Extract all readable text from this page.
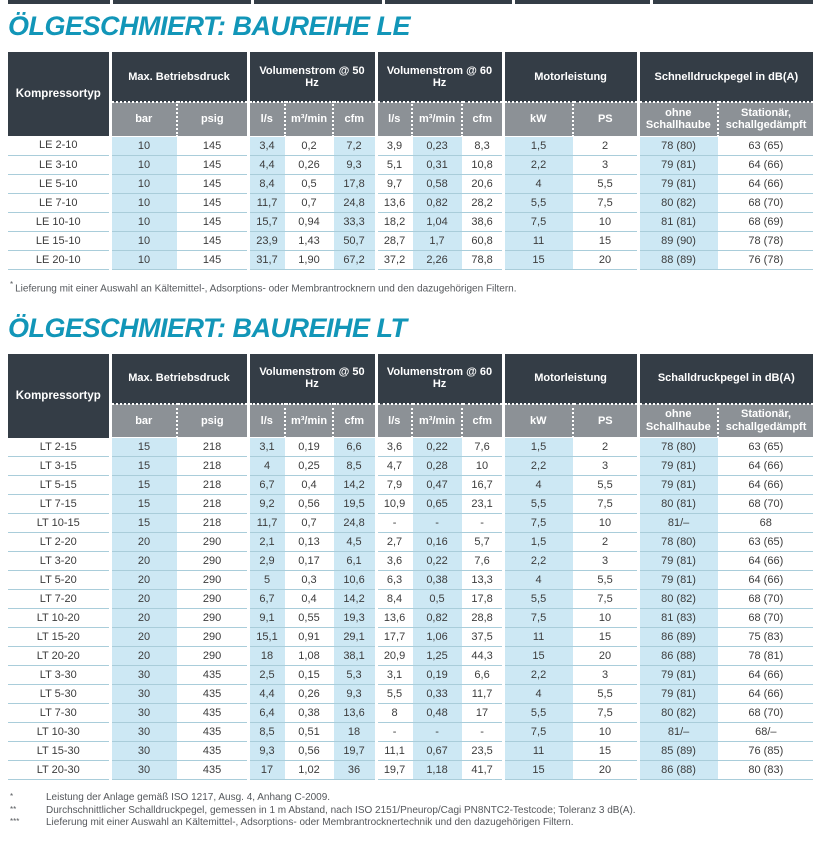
ÖLGESCHMIERT: BAUREIHE LE
Kompressortyp	Max. Betriebsdruck		Volumenstrom @ 50 Hz			Volumenstrom @ 60 Hz			Motorleistung		Schnelldruckpegel in dB(A)	
	bar	psig	l/s	m³/min	cfm	l/s	m³/min	cfm	kW	PS	ohne Schallhaube	Stationär, schallgedämpft
LE 2-10	10	145	3,4	0,2	7,2	3,9	0,23	8,3	1,5	2	78 (80)	63 (65)
LE 3-10	10	145	4,4	0,26	9,3	5,1	0,31	10,8	2,2	3	79 (81)	64 (66)
LE 5-10	10	145	8,4	0,5	17,8	9,7	0,58	20,6	4	5,5	79 (81)	64 (66)
LE 7-10	10	145	11,7	0,7	24,8	13,6	0,82	28,2	5,5	7,5	80 (82)	68 (70)
LE 10-10	10	145	15,7	0,94	33,3	18,2	1,04	38,6	7,5	10	81 (81)	68 (69)
LE 15-10	10	145	23,9	1,43	50,7	28,7	1,7	60,8	11	15	89 (90)	78 (78)
LE 20-10	10	145	31,7	1,90	67,2	37,2	2,26	78,8	15	20	88 (89)	76 (78)
* Lieferung mit einer Auswahl an Kältemittel-, Adsorptions- oder Membrantrocknern und den dazugehörigen Filtern.
ÖLGESCHMIERT: BAUREIHE LT
Kompressortyp	Max. Betriebsdruck		Volumenstrom @ 50 Hz			Volumenstrom @ 60 Hz			Motorleistung		Schalldruckpegel in dB(A)	
	bar	psig	l/s	m³/min	cfm	l/s	m³/min	cfm	kW	PS	ohne Schallhaube	Stationär, schallgedämpft
LT 2-15	15	218	3,1	0,19	6,6	3,6	0,22	7,6	1,5	2	78 (80)	63 (65)
LT 3-15	15	218	4	0,25	8,5	4,7	0,28	10	2,2	3	79 (81)	64 (66)
LT 5-15	15	218	6,7	0,4	14,2	7,9	0,47	16,7	4	5,5	79 (81)	64 (66)
LT 7-15	15	218	9,2	0,56	19,5	10,9	0,65	23,1	5,5	7,5	80 (81)	68 (70)
LT 10-15	15	218	11,7	0,7	24,8	-	-	-	7,5	10	81/–	68
LT 2-20	20	290	2,1	0,13	4,5	2,7	0,16	5,7	1,5	2	78 (80)	63 (65)
LT 3-20	20	290	2,9	0,17	6,1	3,6	0,22	7,6	2,2	3	79 (81)	64 (66)
LT 5-20	20	290	5	0,3	10,6	6,3	0,38	13,3	4	5,5	79 (81)	64 (66)
LT 7-20	20	290	6,7	0,4	14,2	8,4	0,5	17,8	5,5	7,5	80 (82)	68 (70)
LT 10-20	20	290	9,1	0,55	19,3	13,6	0,82	28,8	7,5	10	81 (83)	68 (70)
LT 15-20	20	290	15,1	0,91	29,1	17,7	1,06	37,5	11	15	86 (89)	75 (83)
LT 20-20	20	290	18	1,08	38,1	20,9	1,25	44,3	15	20	86 (88)	78 (81)
LT 3-30	30	435	2,5	0,15	5,3	3,1	0,19	6,6	2,2	3	79 (81)	64 (66)
LT 5-30	30	435	4,4	0,26	9,3	5,5	0,33	11,7	4	5,5	79 (81)	64 (66)
LT 7-30	30	435	6,4	0,38	13,6	8	0,48	17	5,5	7,5	80 (82)	68 (70)
LT 10-30	30	435	8,5	0,51	18	-	-	-	7,5	10	81/–	68/–
LT 15-30	30	435	9,3	0,56	19,7	11,1	0,67	23,5	11	15	85 (89)	76 (85)
LT 20-30	30	435	17	1,02	36	19,7	1,18	41,7	15	20	86 (88)	80 (83)
*	Leistung der Anlage gemäß ISO 1217, Ausg. 4, Anhang C-2009.
**	Durchschnittlicher Schalldruckpegel, gemessen in 1 m Abstand, nach ISO 2151/Pneurop/Cagi PN8NTC2-Testcode; Toleranz 3 dB(A).
***	Lieferung mit einer Auswahl an Kältemittel-, Adsorptions- oder Membrantrocknertechnik und den dazugehörigen Filtern.
